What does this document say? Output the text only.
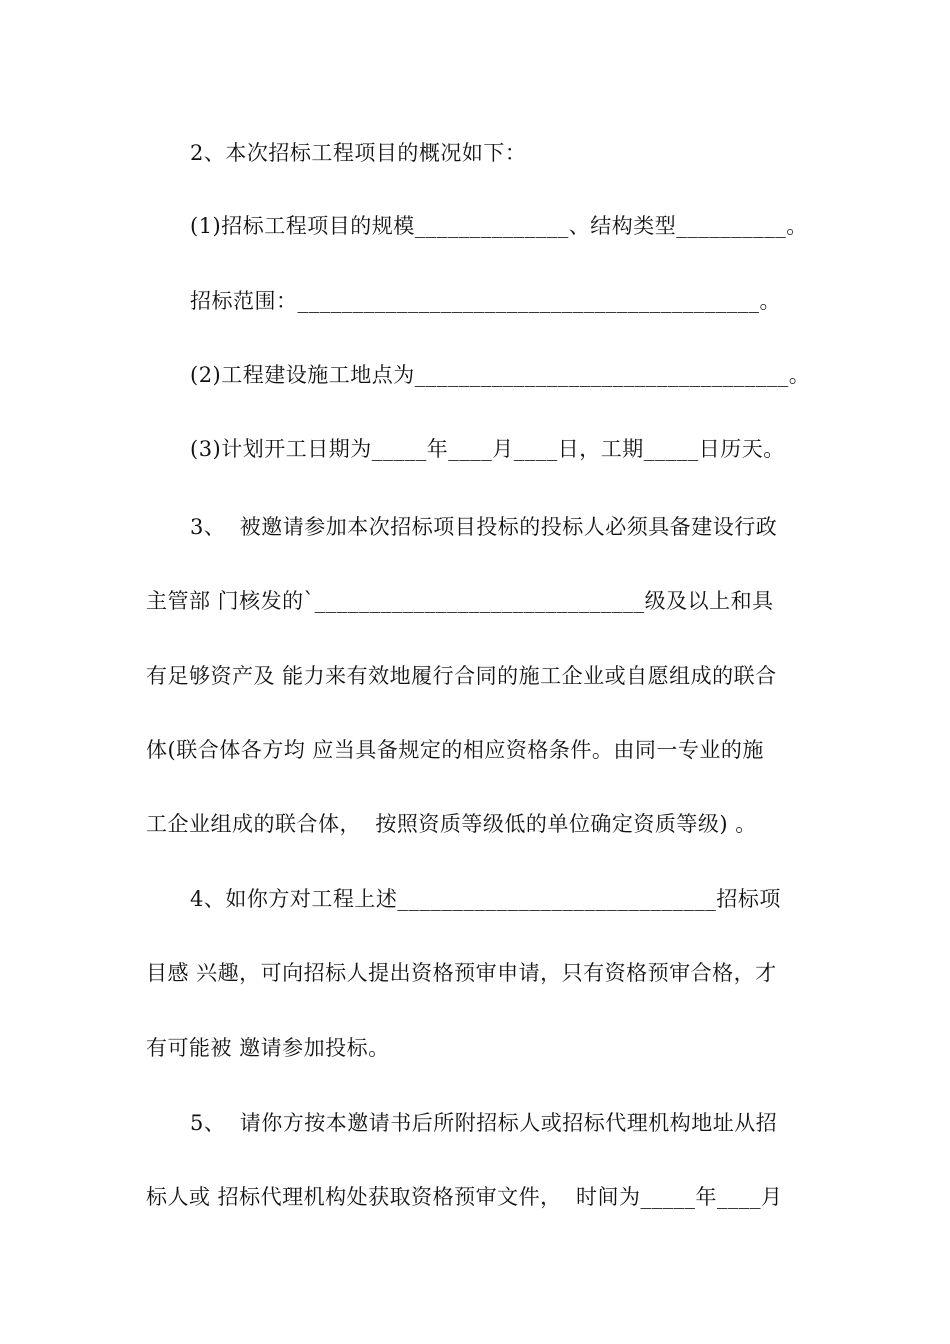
2、本次招标工程项目的概况如下：

(1)招标工程项目的规模______________、结构类型__________。

招标范围：__________________________________________。

(2)工程建设施工地点为__________________________________。

(3)计划开工日期为_____年____月____日，工期_____日历天。

3、  被邀请参加本次招标项目投标的投标人必须具备建设行政

主管部 门核发的`______________________________级及以上和具

有足够资产及 能力来有效地履行合同的施工企业或自愿组成的联合

体(联合体各方均 应当具备规定的相应资格条件。由同一专业的施

工企业组成的联合体，  按照资质等级低的单位确定资质等级) 。

4、如你方对工程上述_____________________________招标项

目感 兴趣，可向招标人提出资格预审申请，只有资格预审合格，才

有可能被 邀请参加投标。

5、  请你方按本邀请书后所附招标人或招标代理机构地址从招

标人或 招标代理机构处获取资格预审文件，  时间为_____年____月
